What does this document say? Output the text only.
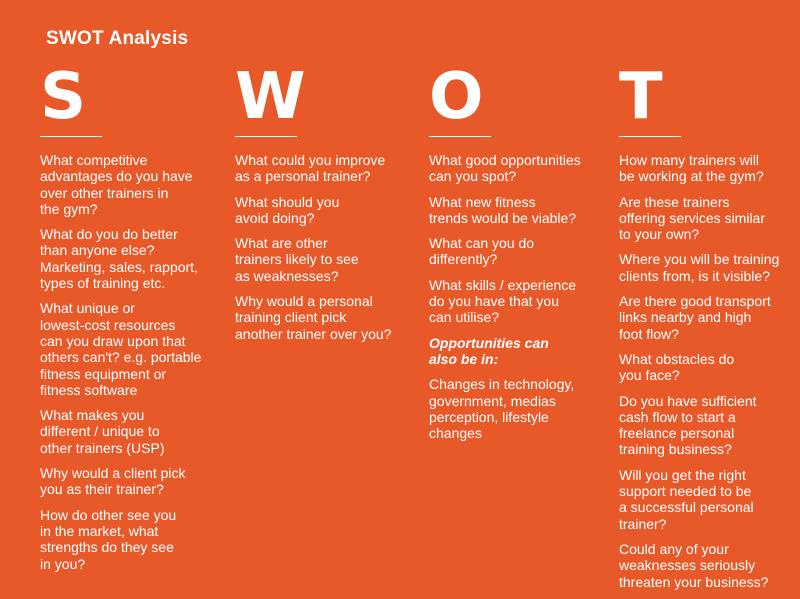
SWOT Analysis
S

What competitive
advantages do you have
over other trainers in
the gym?

What do you do better
than anyone else?
Marketing, sales, rapport,
types of training etc.

What unique or
lowest-cost resources
can you draw upon that
others can't? e.g. portable
fitness equipment or
fitness software

What makes you
different / unique to
other trainers (USP)

Why would a client pick
you as their trainer?

How do other see you
in the market, what
strengths do they see
in you?

W

What could you improve
as a personal trainer?

What should you
avoid doing?

What are other
trainers likely to see
as weaknesses?

Why would a personal
training client pick
another trainer over you?

O

What good opportunities
can you spot?

What new fitness
trends would be viable?

What can you do
differently?

What skills / experience
do you have that you
can utilise?

Opportunities can
also be in:

Changes in technology,
government, medias
perception, lifestyle
changes

T

How many trainers will
be working at the gym?

Are these trainers
offering services similar
to your own?

Where you will be training
clients from, is it visible?

Are there good transport
links nearby and high
foot flow?

What obstacles do
you face?

Do you have sufficient
cash flow to start a
freelance personal
training business?

Will you get the right
support needed to be
a successful personal
trainer?

Could any of your
weaknesses seriously
threaten your business?
